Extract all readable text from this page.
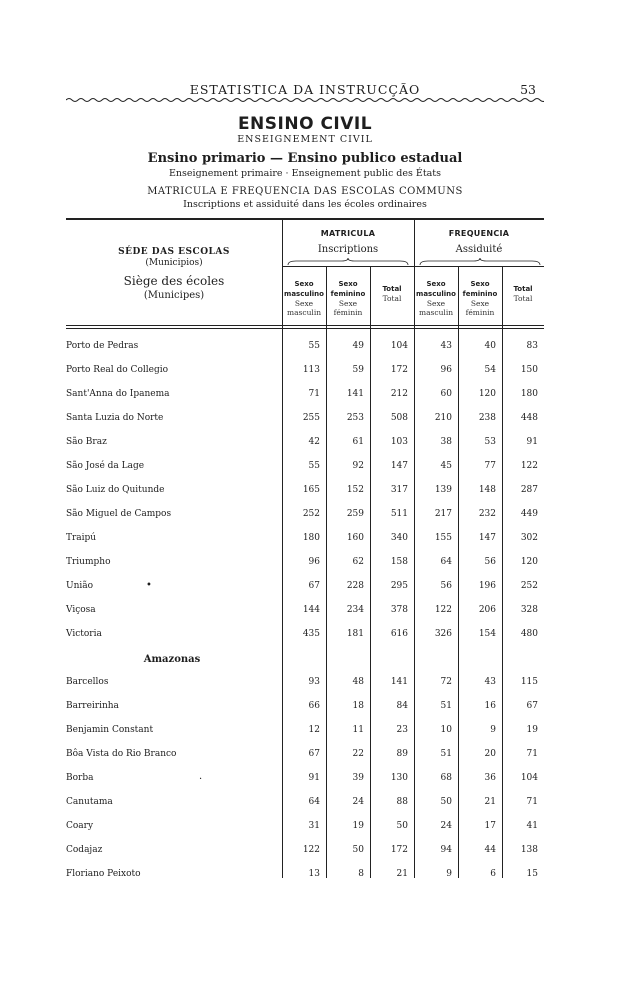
ESTATISTICA DA INSTRUCÇÃO	53
ENSINO CIVIL
ENSEIGNEMENT CIVIL
Ensino primario — Ensino publico estadual
Enseignement primaire · Enseignement public des États
MATRICULA E FREQUENCIA DAS ESCOLAS COMMUNS
Inscriptions et assiduité dans les écoles ordinaires
SÉDE DAS ESCOLAS
(Municipios)
Siège des écoles
(Municipes)
MATRICULA
Inscriptions
FREQUENCIA
Assiduité
Sexo
masculino
Sexe
masculin
Sexo
feminino
Sexe
féminin
Total
Total
Sexo
masculino
Sexe
masculin
Sexo
feminino
Sexe
féminin
Total
Total
Porto de Pedras	55	49	104	43	40	83
Porto Real do Collegio	113	59	172	96	54	150
Sant'Anna do Ipanema	71	141	212	60	120	180
Santa Luzia do Norte	255	253	508	210	238	448
São Braz	42	61	103	38	53	91
São José da Lage	55	92	147	45	77	122
São Luiz do Quitunde	165	152	317	139	148	287
São Miguel de Campos	252	259	511	217	232	449
Traipú	180	160	340	155	147	302
Triumpho	96	62	158	64	56	120
União	67	228	295	56	196	252
Viçosa	144	234	378	122	206	328
Victoria	435	181	616	326	154	480
Amazonas
Barcellos	93	48	141	72	43	115
Barreirinha	66	18	84	51	16	67
Benjamin Constant	12	11	23	10	9	19
Bôa Vista do Rio Branco	67	22	89	51	20	71
Borba	91	39	130	68	36	104
Canutama	64	24	88	50	21	71
Coary	31	19	50	24	17	41
Codajaz	122	50	172	94	44	138
Floriano Peixoto	13	8	21	9	6	15
•
·
